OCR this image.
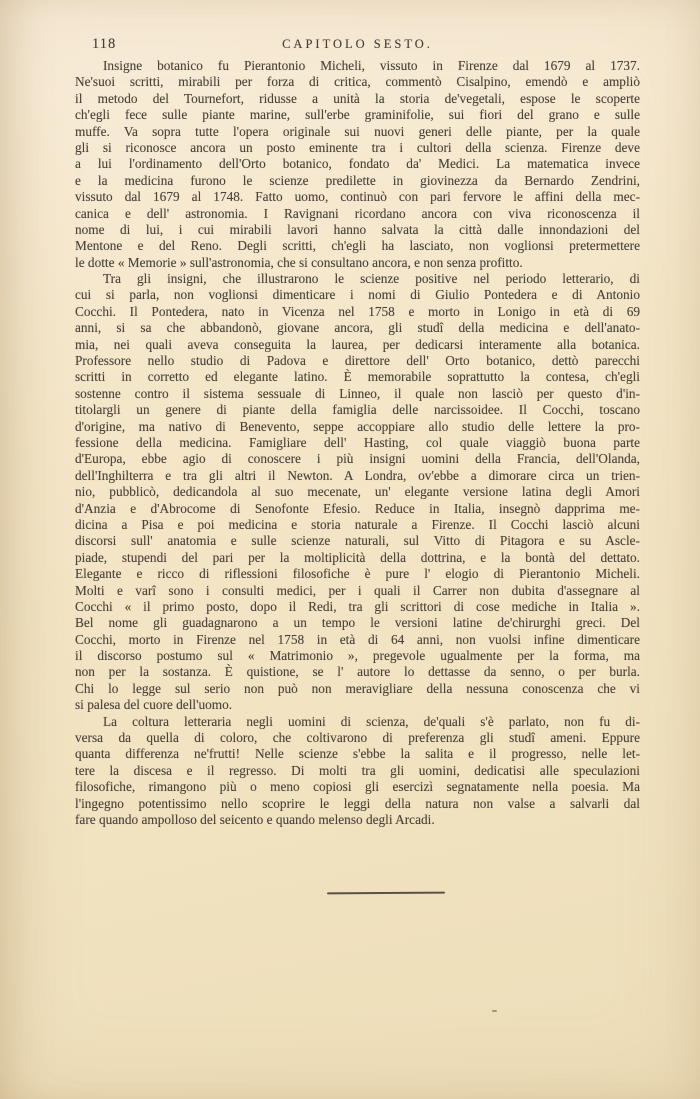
118	CAPITOLO SESTO.
Insigne botanico fu Pierantonio Micheli, vissuto in Firenze dal 1679 al 1737.
Ne'suoi scritti, mirabili per forza di critica, commentò Cisalpino, emendò e ampliò
il metodo del Tournefort, ridusse a unità la storia de'vegetali, espose le scoperte
ch'egli fece sulle piante marine, sull'erbe graminifolie, sui fiori del grano e sulle
muffe. Va sopra tutte l'opera originale sui nuovi generi delle piante, per la quale
gli si riconosce ancora un posto eminente tra i cultori della scienza. Firenze deve
a lui l'ordinamento dell'Orto botanico, fondato da' Medici. La matematica invece
e la medicina furono le scienze predilette in giovinezza da Bernardo Zendrini,
vissuto dal 1679 al 1748. Fatto uomo, continuò con pari fervore le affini della mec-
canica e dell' astronomia. I Ravignani ricordano ancora con viva riconoscenza il
nome di lui, i cui mirabili lavori hanno salvata la città dalle innondazioni del
Mentone e del Reno. Degli scritti, ch'egli ha lasciato, non voglionsi pretermettere
le dotte « Memorie » sull'astronomia, che si consultano ancora, e non senza profitto.
Tra gli insigni, che illustrarono le scienze positive nel periodo letterario, di
cui si parla, non voglionsi dimenticare i nomi di Giulio Pontedera e di Antonio
Cocchi. Il Pontedera, nato in Vicenza nel 1758 e morto in Lonigo in età di 69
anni, si sa che abbandonò, giovane ancora, gli studî della medicina e dell'anato-
mia, nei quali aveva conseguita la laurea, per dedicarsi interamente alla botanica.
Professore nello studio di Padova e direttore dell' Orto botanico, dettò parecchi
scritti in corretto ed elegante latino. È memorabile soprattutto la contesa, ch'egli
sostenne contro il sistema sessuale di Linneo, il quale non lasciò per questo d'in-
titolargli un genere di piante della famiglia delle narcissoidee. Il Cocchi, toscano
d'origine, ma nativo di Benevento, seppe accoppiare allo studio delle lettere la pro-
fessione della medicina. Famigliare dell' Hasting, col quale viaggiò buona parte
d'Europa, ebbe agio di conoscere i più insigni uomini della Francia, dell'Olanda,
dell'Inghilterra e tra gli altri il Newton. A Londra, ov'ebbe a dimorare circa un trien-
nio, pubblicò, dedicandola al suo mecenate, un' elegante versione latina degli Amori
d'Anzia e d'Abrocome di Senofonte Efesio. Reduce in Italia, insegnò dapprima me-
dicina a Pisa e poi medicina e storia naturale a Firenze. Il Cocchi lasciò alcuni
discorsi sull' anatomia e sulle scienze naturali, sul Vitto di Pitagora e su Ascle-
piade, stupendi del pari per la moltiplicità della dottrina, e la bontà del dettato.
Elegante e ricco di riflessioni filosofiche è pure l' elogio di Pierantonio Micheli.
Molti e varî sono i consulti medici, per i quali il Carrer non dubita d'assegnare al
Cocchi « il primo posto, dopo il Redi, tra gli scrittori di cose mediche in Italia ».
Bel nome gli guadagnarono a un tempo le versioni latine de'chirurghi greci. Del
Cocchi, morto in Firenze nel 1758 in età di 64 anni, non vuolsi infine dimenticare
il discorso postumo sul « Matrimonio », pregevole ugualmente per la forma, ma
non per la sostanza. È quistione, se l' autore lo dettasse da senno, o per burla.
Chi lo legge sul serio non può non meravigliare della nessuna conoscenza che vi
si palesa del cuore dell'uomo.
La coltura letteraria negli uomini di scienza, de'quali s'è parlato, non fu di-
versa da quella di coloro, che coltivarono di preferenza gli studî ameni. Eppure
quanta differenza ne'frutti! Nelle scienze s'ebbe la salita e il progresso, nelle let-
tere la discesa e il regresso. Di molti tra gli uomini, dedicatisi alle speculazioni
filosofiche, rimangono più o meno copiosi gli esercizì segnatamente nella poesia. Ma
l'ingegno potentissimo nello scoprire le leggi della natura non valse a salvarli dal
fare quando ampolloso del seicento e quando melenso degli Arcadi.
